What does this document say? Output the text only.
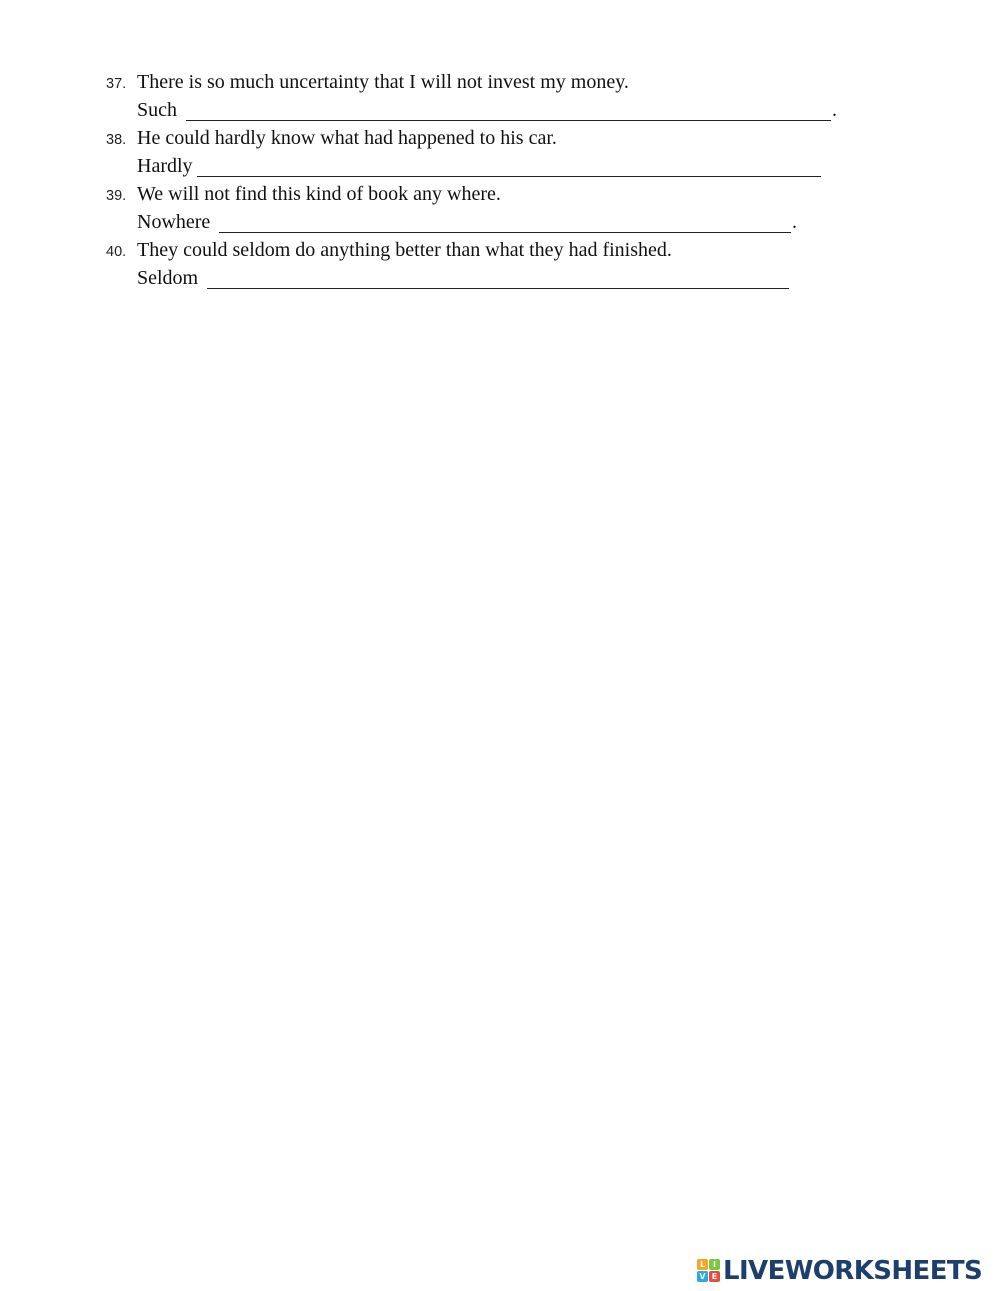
37. There is so much uncertainty that I will not invest my money.
Such	.
38. He could hardly know what had happened to his car.
Hardly
39. We will not find this kind of book any where.
Nowhere	.
40. They could seldom do anything better than what they had finished.
Seldom
L I
V E LIVEWORKSHEETS
